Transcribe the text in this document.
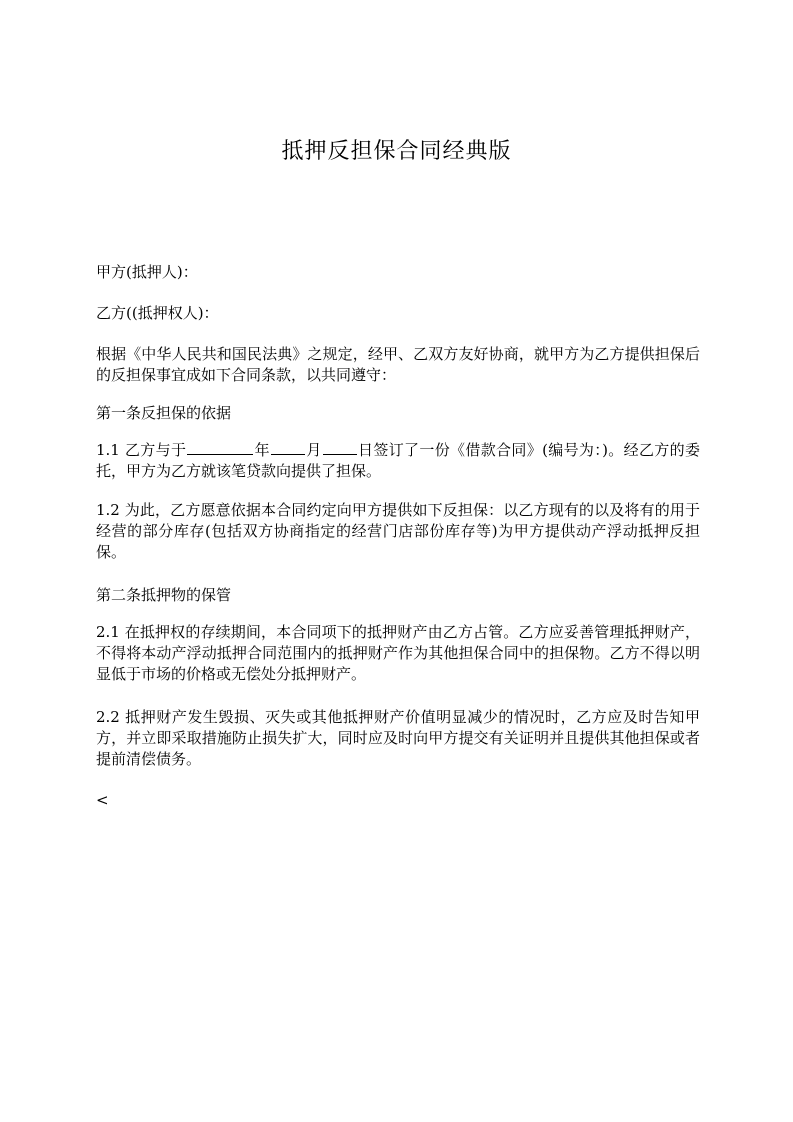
抵押反担保合同经典版

甲方(抵押人)：

乙方((抵押权人)：

根据《中华人民共和国民法典》之规定，经甲、乙双方友好协商，就甲方为乙方提供担保后的反担保事宜成如下合同条款，以共同遵守：

第一条反担保的依据

1.1 乙方与于	年 月 日签订了一份《借款合同》(编号为：)。经乙方的委托，甲方为乙方就该笔贷款向提供了担保。

1.2 为此，乙方愿意依据本合同约定向甲方提供如下反担保：以乙方现有的以及将有的用于经营的部分库存(包括双方协商指定的经营门店部份库存等)为甲方提供动产浮动抵押反担保。

第二条抵押物的保管

2.1 在抵押权的存续期间，本合同项下的抵押财产由乙方占管。乙方应妥善管理抵押财产，不得将本动产浮动抵押合同范围内的抵押财产作为其他担保合同中的担保物。乙方不得以明显低于市场的价格或无偿处分抵押财产。

2.2 抵押财产发生毁损、灭失或其他抵押财产价值明显减少的情况时，乙方应及时告知甲方，并立即采取措施防止损失扩大，同时应及时向甲方提交有关证明并且提供其他担保或者提前清偿债务。

<
